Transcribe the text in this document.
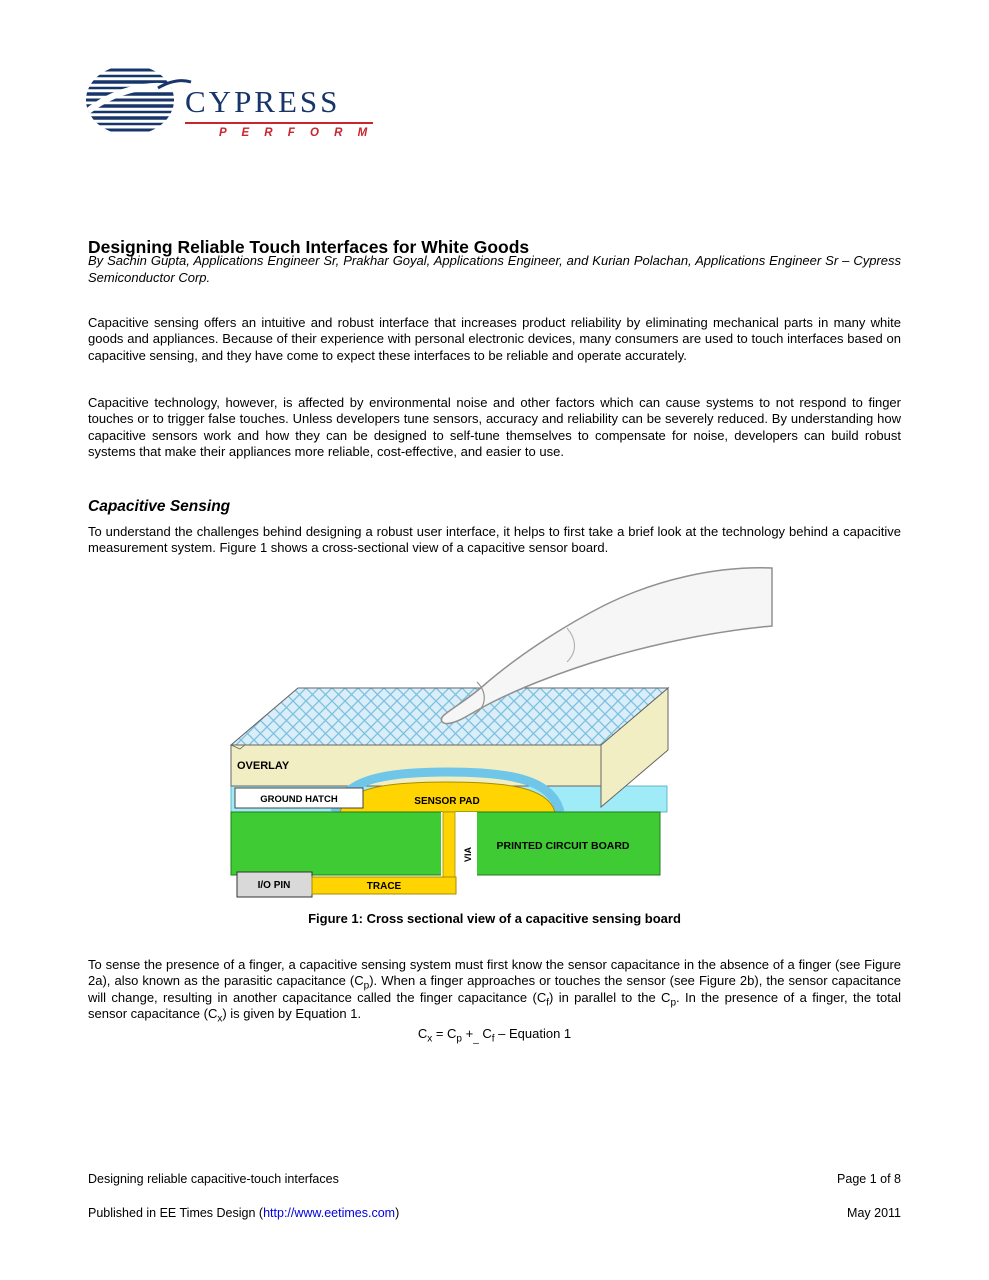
CYPRESS
P E R F O R M
Designing Reliable Touch Interfaces for White Goods
By Sachin Gupta, Applications Engineer Sr, Prakhar Goyal, Applications Engineer, and Kurian Polachan, Applications Engineer Sr – Cypress Semiconductor Corp.

Capacitive sensing offers an intuitive and robust interface that increases product reliability by eliminating mechanical parts in many white goods and appliances. Because of their experience with personal electronic devices, many consumers are used to touch interfaces based on capacitive sensing, and they have come to expect these interfaces to be reliable and operate accurately.

Capacitive technology, however, is affected by environmental noise and other factors which can cause systems to not respond to finger touches or to trigger false touches. Unless developers tune sensors, accuracy and reliability can be severely reduced. By understanding how capacitive sensors work and how they can be designed to self-tune themselves to compensate for noise, developers can build robust systems that make their appliances more reliable, cost-effective, and easier to use.

Capacitive Sensing

To understand the challenges behind designing a robust user interface, it helps to first take a brief look at the technology behind a capacitive measurement system. Figure 1 shows a cross-sectional view of a capacitive sensor board.

OVERLAY
GROUND HATCH	SENSOR PAD
VIA
PRINTED CIRCUIT BOARD
I/O PIN	TRACE
Figure 1: Cross sectional view of a capacitive sensing board

To sense the presence of a finger, a capacitive sensing system must first know the sensor capacitance in the absence of a finger (see Figure 2a), also known as the parasitic capacitance $(C_p)$. When a finger approaches or touches the sensor (see Figure 2b), the sensor capacitance will change, resulting in another capacitance called the finger capacitance $(C_f)$ in parallel to the $C_p$. In the presence of a finger, the total sensor capacitance $(C_x)$ is given by Equation 1.

$C_x = C_p +_{\_}$ $C_f$ – Equation 1
Designing reliable capacitive-touch interfaces	Page 1 of 8
Published in EE Times Design (http://www.eetimes.com)	May 2011
